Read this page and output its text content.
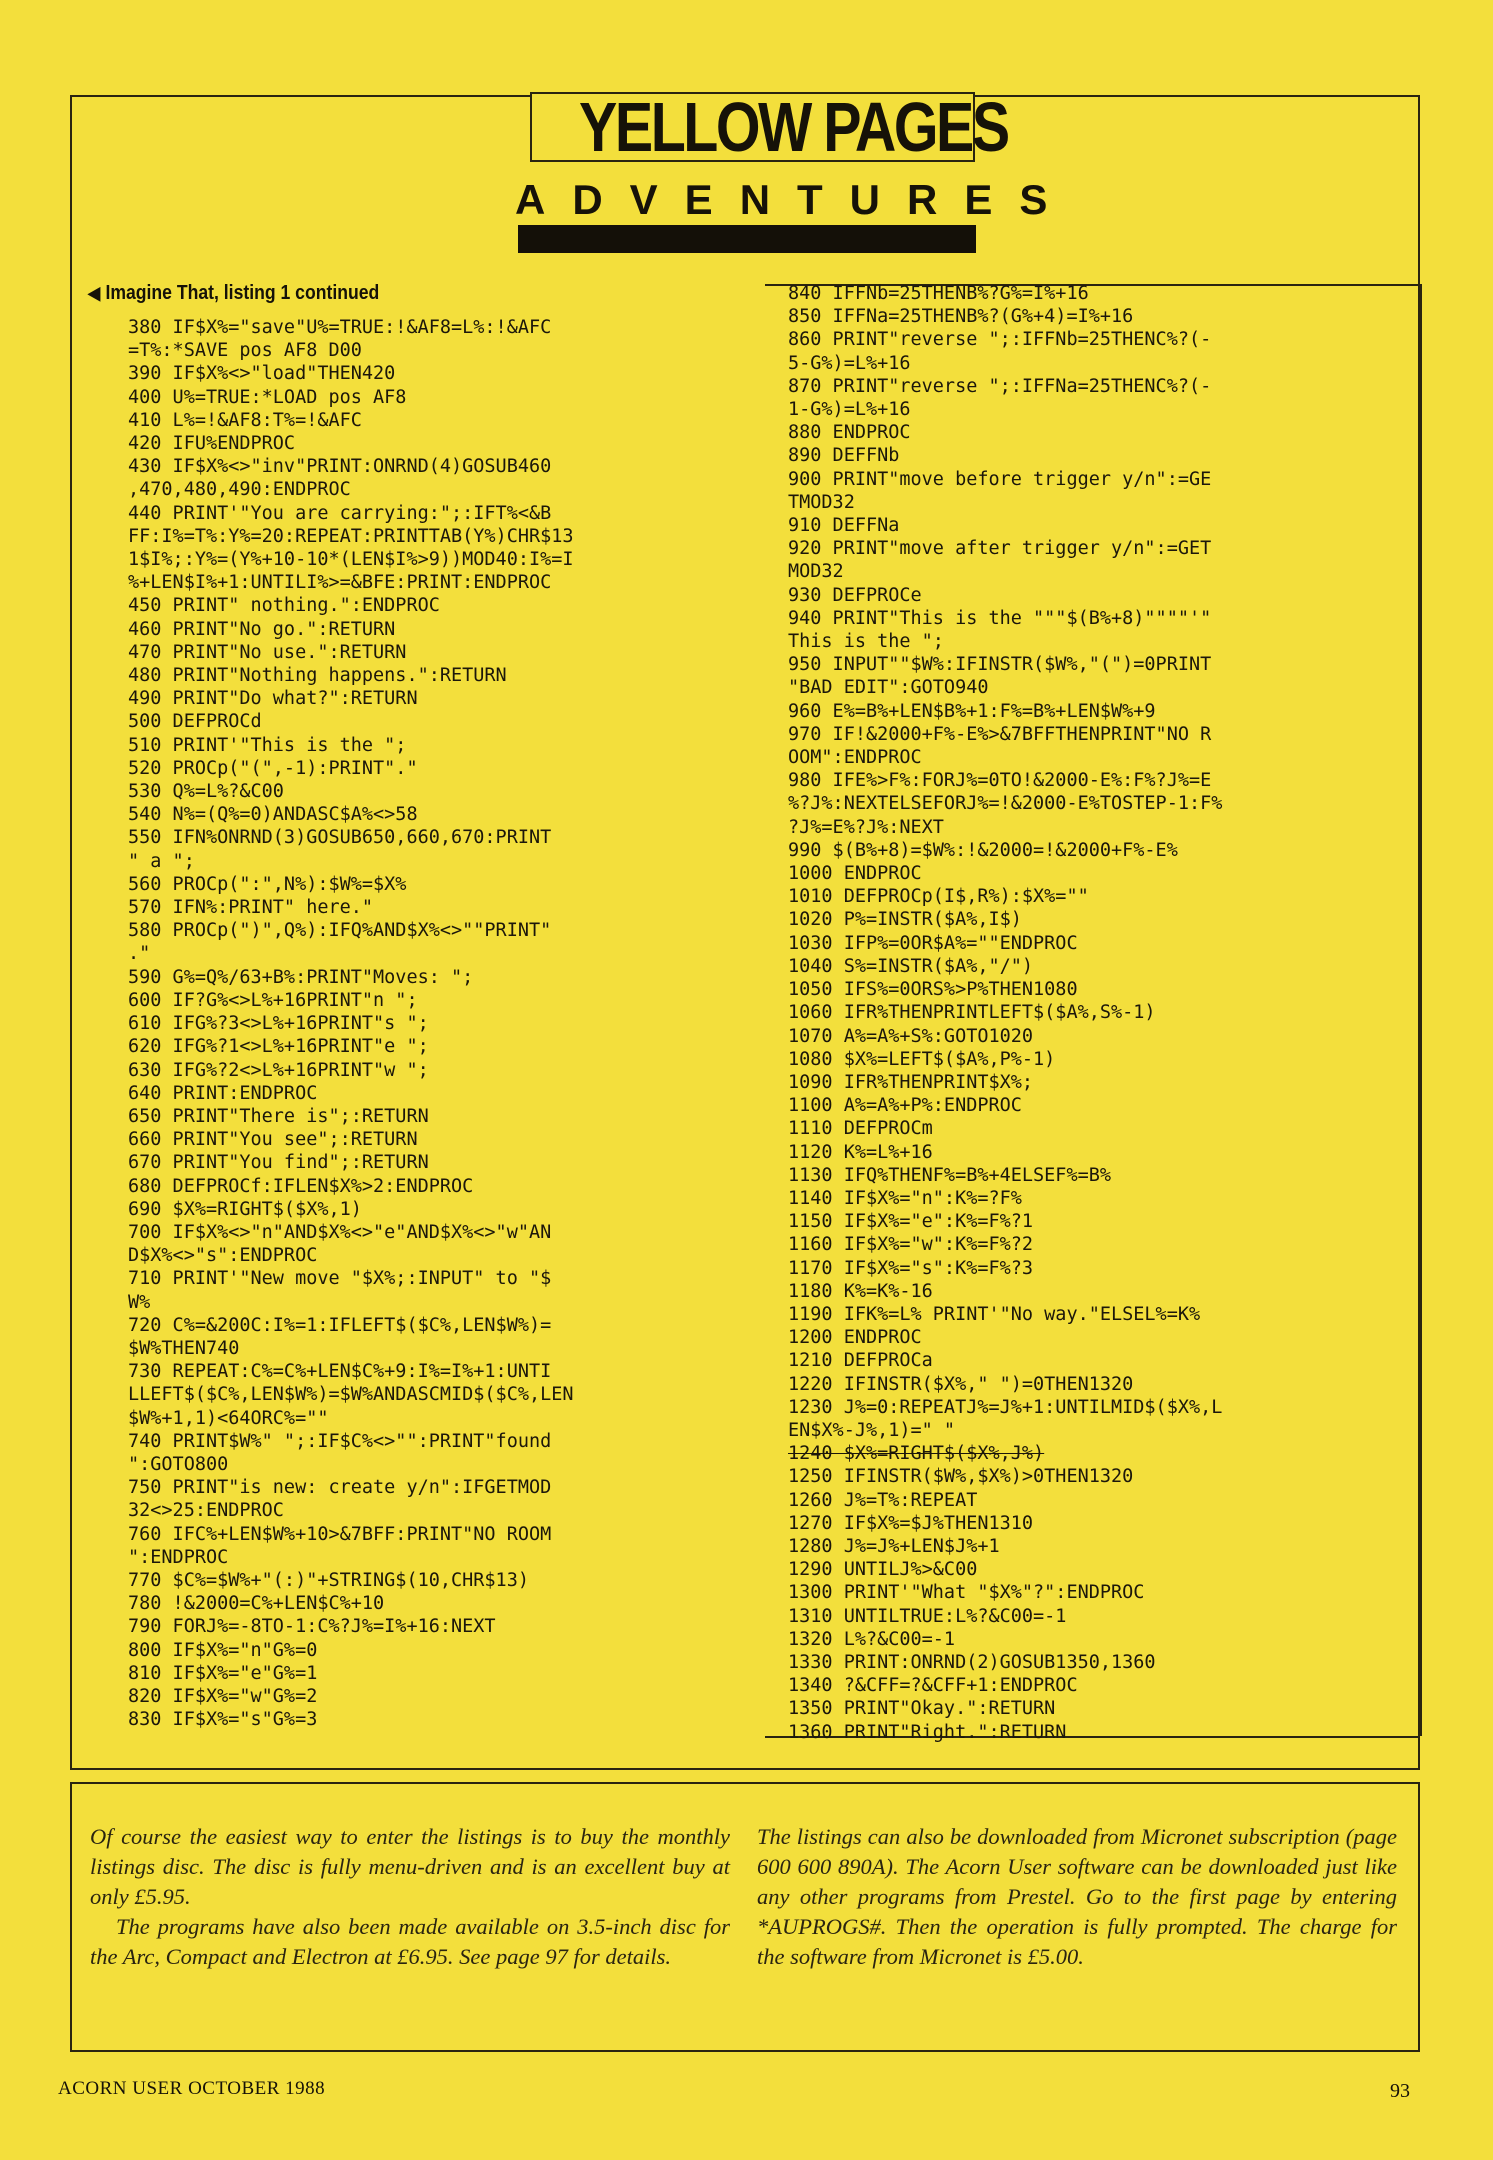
YELLOW PAGES
ADVENTURES
◀ Imagine That, listing 1 continued
380 IF$X%="save"U%=TRUE:!&AF8=L%:!&AFC
=T%:*SAVE pos AF8 D00
390 IF$X%<>"load"THEN420
400 U%=TRUE:*LOAD pos AF8
410 L%=!&AF8:T%=!&AFC
420 IFU%ENDPROC
430 IF$X%<>"inv"PRINT:ONRND(4)GOSUB460
,470,480,490:ENDPROC
440 PRINT'"You are carrying:";:IFT%<&B
FF:I%=T%:Y%=20:REPEAT:PRINTTAB(Y%)CHR$13
1$I%;:Y%=(Y%+10-10*(LEN$I%>9))MOD40:I%=I
%+LEN$I%+1:UNTILI%>=&BFE:PRINT:ENDPROC
450 PRINT" nothing.":ENDPROC
460 PRINT"No go.":RETURN
470 PRINT"No use.":RETURN
480 PRINT"Nothing happens.":RETURN
490 PRINT"Do what?":RETURN
500 DEFPROCd
510 PRINT'"This is the ";
520 PROCp("(",-1):PRINT"."
530 Q%=L%?&C00
540 N%=(Q%=0)ANDASC$A%<>58
550 IFN%ONRND(3)GOSUB650,660,670:PRINT
" a ";
560 PROCp(":",N%):$W%=$X%
570 IFN%:PRINT" here."
580 PROCp(")",Q%):IFQ%AND$X%<>""PRINT"
."
590 G%=Q%/63+B%:PRINT"Moves: ";
600 IF?G%<>L%+16PRINT"n ";
610 IFG%?3<>L%+16PRINT"s ";
620 IFG%?1<>L%+16PRINT"e ";
630 IFG%?2<>L%+16PRINT"w ";
640 PRINT:ENDPROC
650 PRINT"There is";:RETURN
660 PRINT"You see";:RETURN
670 PRINT"You find";:RETURN
680 DEFPROCf:IFLEN$X%>2:ENDPROC
690 $X%=RIGHT$($X%,1)
700 IF$X%<>"n"AND$X%<>"e"AND$X%<>"w"AN
D$X%<>"s":ENDPROC
710 PRINT'"New move "$X%;:INPUT" to "$
W%
720 C%=&200C:I%=1:IFLEFT$($C%,LEN$W%)=
$W%THEN740
730 REPEAT:C%=C%+LEN$C%+9:I%=I%+1:UNTI
LLEFT$($C%,LEN$W%)=$W%ANDASCMID$($C%,LEN
$W%+1,1)<64ORC%=""
740 PRINT$W%" ";:IF$C%<>"":PRINT"found
":GOTO800
750 PRINT"is new: create y/n":IFGETMOD
32<>25:ENDPROC
760 IFC%+LEN$W%+10>&7BFF:PRINT"NO ROOM
":ENDPROC
770 $C%=$W%+"(:)"+STRING$(10,CHR$13)
780 !&2000=C%+LEN$C%+10
790 FORJ%=-8TO-1:C%?J%=I%+16:NEXT
800 IF$X%="n"G%=0
810 IF$X%="e"G%=1
820 IF$X%="w"G%=2
830 IF$X%="s"G%=3
840 IFFNb=25THENB%?G%=I%+16
850 IFFNa=25THENB%?(G%+4)=I%+16
860 PRINT"reverse ";:IFFNb=25THENC%?(-
5-G%)=L%+16
870 PRINT"reverse ";:IFFNa=25THENC%?(-
1-G%)=L%+16
880 ENDPROC
890 DEFFNb
900 PRINT"move before trigger y/n":=GE
TMOD32
910 DEFFNa
920 PRINT"move after trigger y/n":=GET
MOD32
930 DEFPROCe
940 PRINT"This is the """$(B%+8)""""'"
This is the ";
950 INPUT""$W%:IFINSTR($W%,"(")=0PRINT
"BAD EDIT":GOTO940
960 E%=B%+LEN$B%+1:F%=B%+LEN$W%+9
970 IF!&2000+F%-E%>&7BFFTHENPRINT"NO R
OOM":ENDPROC
980 IFE%>F%:FORJ%=0TO!&2000-E%:F%?J%=E
%?J%:NEXTELSEFORJ%=!&2000-E%TOSTEP-1:F%
?J%=E%?J%:NEXT
990 $(B%+8)=$W%:!&2000=!&2000+F%-E%
1000 ENDPROC
1010 DEFPROCp(I$,R%):$X%=""
1020 P%=INSTR($A%,I$)
1030 IFP%=0OR$A%=""ENDPROC
1040 S%=INSTR($A%,"/")
1050 IFS%=0ORS%>P%THEN1080
1060 IFR%THENPRINTLEFT$($A%,S%-1)
1070 A%=A%+S%:GOTO1020
1080 $X%=LEFT$($A%,P%-1)
1090 IFR%THENPRINT$X%;
1100 A%=A%+P%:ENDPROC
1110 DEFPROCm
1120 K%=L%+16
1130 IFQ%THENF%=B%+4ELSEF%=B%
1140 IF$X%="n":K%=?F%
1150 IF$X%="e":K%=F%?1
1160 IF$X%="w":K%=F%?2
1170 IF$X%="s":K%=F%?3
1180 K%=K%-16
1190 IFK%=L% PRINT'"No way."ELSEL%=K%
1200 ENDPROC
1210 DEFPROCa
1220 IFINSTR($X%," ")=0THEN1320
1230 J%=0:REPEATJ%=J%+1:UNTILMID$($X%,L
EN$X%-J%,1)=" "
1240 $X%=RIGHT$($X%,J%)
1250 IFINSTR($W%,$X%)>0THEN1320
1260 J%=T%:REPEAT
1270 IF$X%=$J%THEN1310
1280 J%=J%+LEN$J%+1
1290 UNTILJ%>&C00
1300 PRINT'"What "$X%"?":ENDPROC
1310 UNTILTRUE:L%?&C00=-1
1320 L%?&C00=-1
1330 PRINT:ONRND(2)GOSUB1350,1360
1340 ?&CFF=?&CFF+1:ENDPROC
1350 PRINT"Okay.":RETURN
1360 PRINT"Right.":RETURN

Of course the easiest way to enter the listings is to buy the monthly listings disc. The disc is fully menu-driven and is an excellent buy at only £5.95.

The programs have also been made available on 3.5-inch disc for the Arc, Compact and Electron at £6.95. See page 97 for details.

The listings can also be downloaded from Micronet subscription (page 600 600 890A). The Acorn User software can be downloaded just like any other programs from Prestel. Go to the first page by entering *AUPROGS#. Then the operation is fully prompted. The charge for the software from Micronet is £5.00.

ACORN USER OCTOBER 1988	93
